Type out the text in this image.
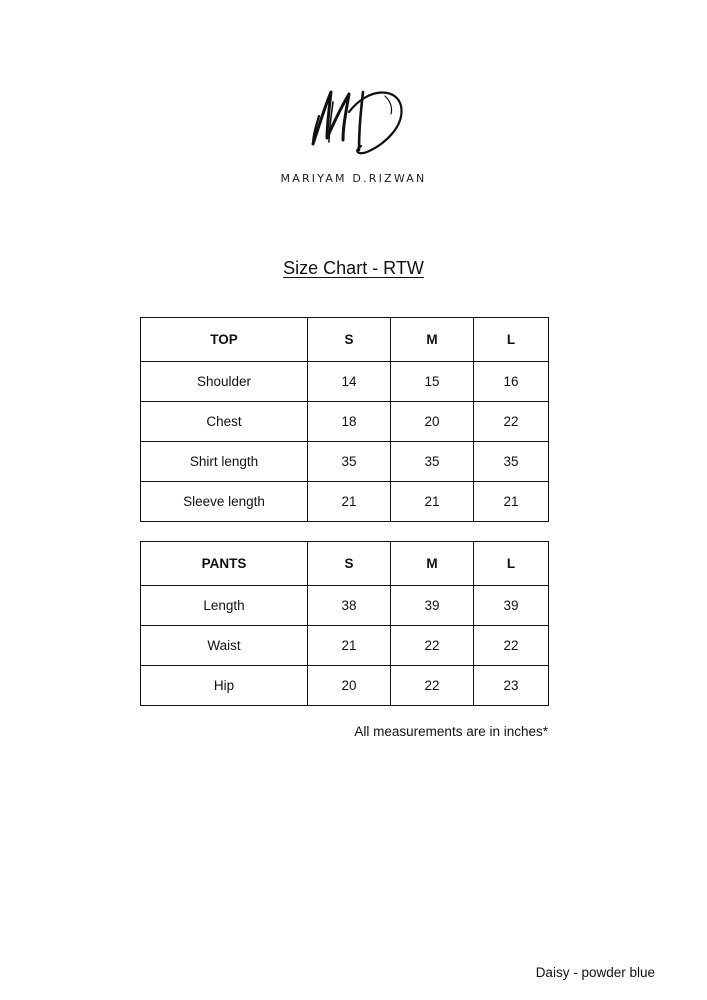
MARIYAM D.RIZWAN
Size Chart - RTW
TOP	S	M	L
Shoulder	14	15	16
Chest	18	20	22
Shirt length	35	35	35
Sleeve length	21	21	21
PANTS	S	M	L
Length	38	39	39
Waist	21	22	22
Hip	20	22	23
All measurements are in inches*
Daisy - powder blue
